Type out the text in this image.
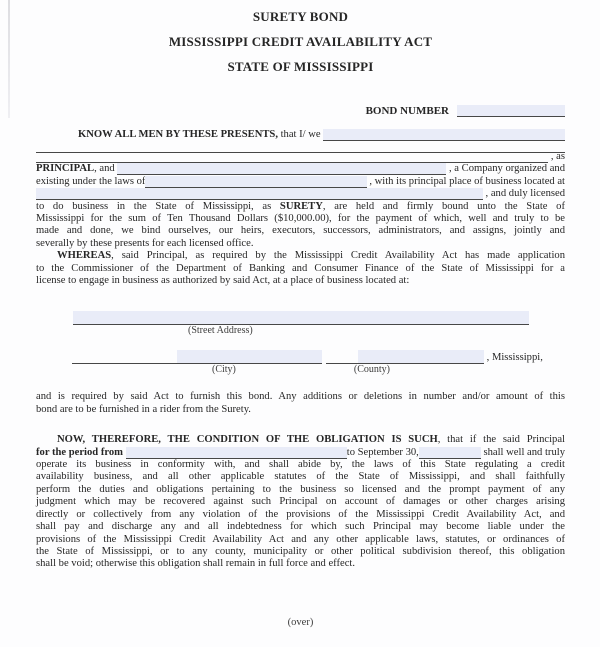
SURETY BOND
MISSISSIPPI CREDIT AVAILABILITY ACT
STATE OF MISSISSIPPI
BOND NUMBER
KNOW ALL MEN BY THESE PRESENTS, that I/ we
, as
PRINCIPAL , and	, a Company organized and
existing under the laws of	, with its principal place of business located at
, and duly licensed
to do business in the State of Mississippi, as SURETY, are held and firmly bound unto the State of
Mississippi for the sum of Ten Thousand Dollars ($10,000.00), for the payment of which, well and truly to be
made and done, we bind ourselves, our heirs, executors, successors, administrators, and assigns, jointly and
severally by these presents for each licensed office.
WHEREAS, said Principal, as required by the Mississippi Credit Availability Act has made application
to the Commissioner of the Department of Banking and Consumer Finance of the State of Mississippi for a
license to engage in business as authorized by said Act, at a place of business located at:
(Street Address)
, Mississippi,
(City)	(County)
and is required by said Act to furnish this bond. Any additions or deletions in number and/or amount of this
bond are to be furnished in a rider from the Surety.
NOW, THEREFORE, THE CONDITION OF THE OBLIGATION IS SUCH, that if the said Principal
for the period from	to September 30,	shall well and truly
operate its business in conformity with, and shall abide by, the laws of this State regulating a credit
availability business, and all other applicable statutes of the State of Mississippi, and shall faithfully
perform the duties and obligations pertaining to the business so licensed and the prompt payment of any
judgment which may be recovered against such Principal on account of damages or other charges arising
directly or collectively from any violation of the provisions of the Mississippi Credit Availability Act, and
shall pay and discharge any and all indebtedness for which such Principal may become liable under the
provisions of the Mississippi Credit Availability Act and any other applicable laws, statutes, or ordinances of
the State of Mississippi, or to any county, municipality or other political subdivision thereof, this obligation
shall be void; otherwise this obligation shall remain in full force and effect.
(over)
